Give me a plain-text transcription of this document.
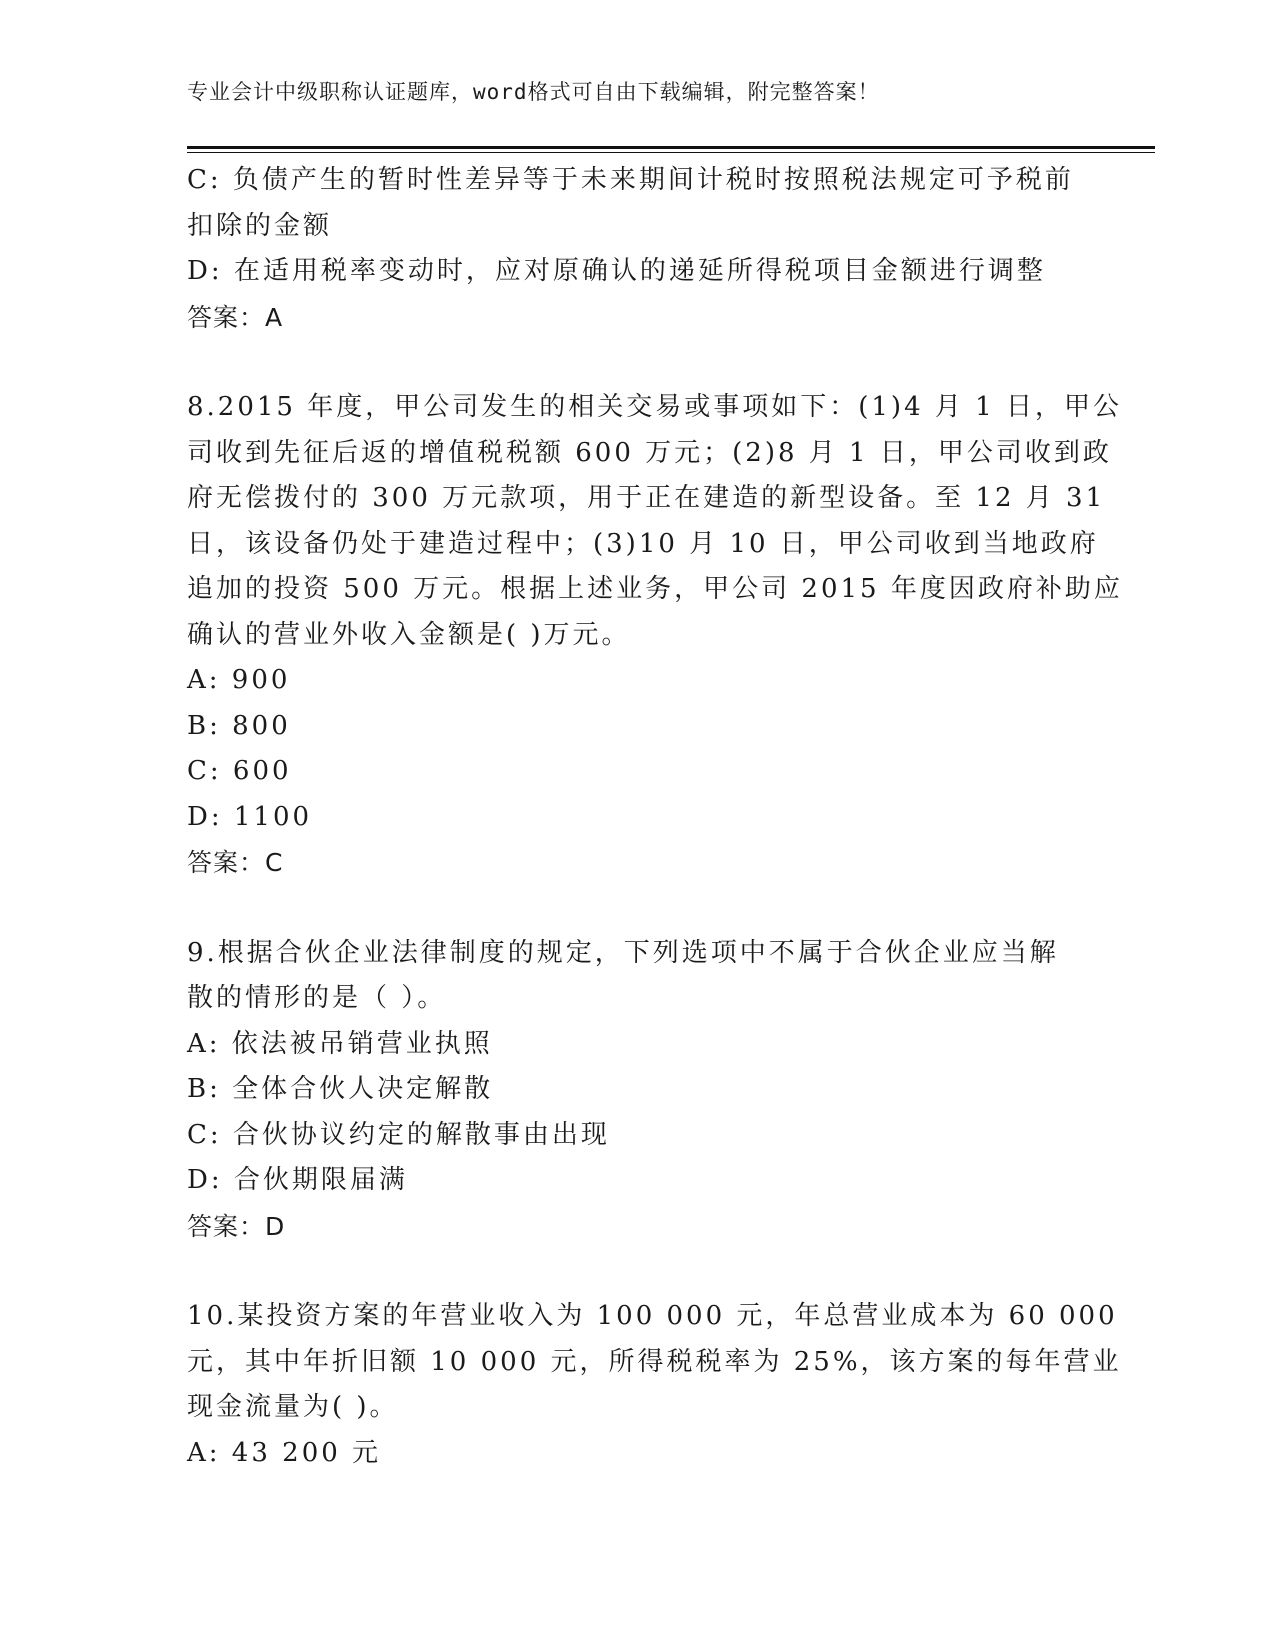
专业会计中级职称认证题库，word格式可自由下载编辑，附完整答案！
C: 负债产生的暂时性差异等于未来期间计税时按照税法规定可予税前
扣除的金额
D: 在适用税率变动时，应对原确认的递延所得税项目金额进行调整
答案：A
8.2015 年度，甲公司发生的相关交易或事项如下：(1)4 月 1 日，甲公
司收到先征后返的增值税税额 600 万元；(2)8 月 1 日，甲公司收到政
府无偿拨付的 300 万元款项，用于正在建造的新型设备。至 12 月 31
日，该设备仍处于建造过程中；(3)10 月 10 日，甲公司收到当地政府
追加的投资 500 万元。根据上述业务，甲公司 2015 年度因政府补助应
确认的营业外收入金额是( )万元。
A: 900
B: 800
C: 600
D: 1100
答案：C
9.根据合伙企业法律制度的规定，下列选项中不属于合伙企业应当解
散的情形的是（ ）。
A: 依法被吊销营业执照
B: 全体合伙人决定解散
C: 合伙协议约定的解散事由出现
D: 合伙期限届满
答案：D
10.某投资方案的年营业收入为 100 000 元，年总营业成本为 60 000
元，其中年折旧额 10 000 元，所得税税率为 25%，该方案的每年营业
现金流量为( )。
A: 43 200 元
